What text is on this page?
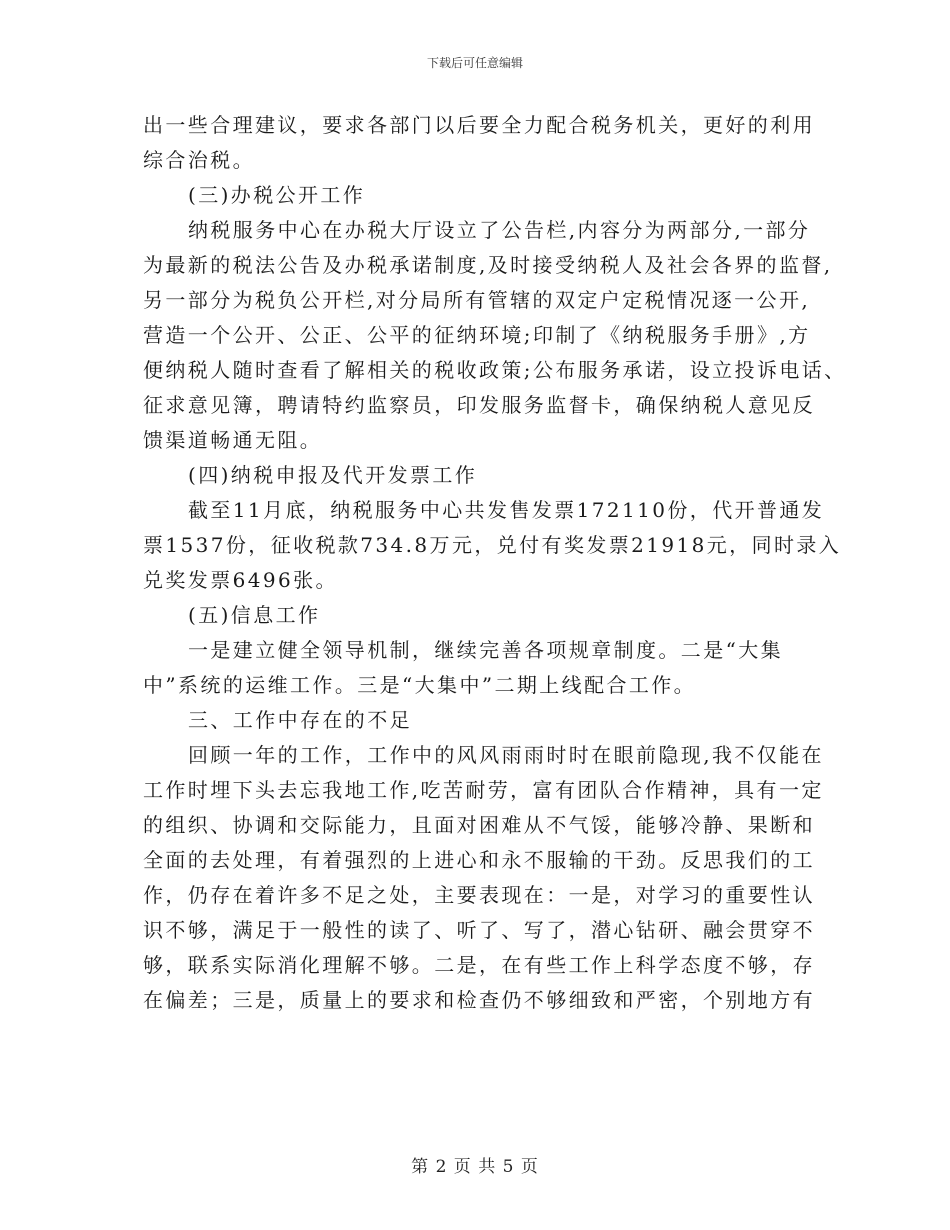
下载后可任意编辑
出一些合理建议，要求各部门以后要全力配合税务机关，更好的利用
综合治税。
(三)办税公开工作
纳税服务中心在办税大厅设立了公告栏,内容分为两部分,一部分
为最新的税法公告及办税承诺制度,及时接受纳税人及社会各界的监督,
另一部分为税负公开栏,对分局所有管辖的双定户定税情况逐一公开,
营造一个公开、公正、公平的征纳环境;印制了《纳税服务手册》,方
便纳税人随时查看了解相关的税收政策;公布服务承诺，设立投诉电话、
征求意见簿，聘请特约监察员，印发服务监督卡，确保纳税人意见反
馈渠道畅通无阻。
(四)纳税申报及代开发票工作
截至11月底，纳税服务中心共发售发票172110份，代开普通发
票1537份，征收税款734.8万元，兑付有奖发票21918元，同时录入
兑奖发票6496张。
(五)信息工作
一是建立健全领导机制，继续完善各项规章制度。二是“大集
中”系统的运维工作。三是“大集中”二期上线配合工作。
三、工作中存在的不足
回顾一年的工作，工作中的风风雨雨时时在眼前隐现,我不仅能在
工作时埋下头去忘我地工作,吃苦耐劳，富有团队合作精神，具有一定
的组织、协调和交际能力，且面对困难从不气馁，能够冷静、果断和
全面的去处理，有着强烈的上进心和永不服输的干劲。反思我们的工
作，仍存在着许多不足之处，主要表现在：一是，对学习的重要性认
识不够，满足于一般性的读了、听了、写了，潜心钻研、融会贯穿不
够，联系实际消化理解不够。二是，在有些工作上科学态度不够，存
在偏差；三是，质量上的要求和检查仍不够细致和严密，个别地方有
第 2 页 共 5 页
